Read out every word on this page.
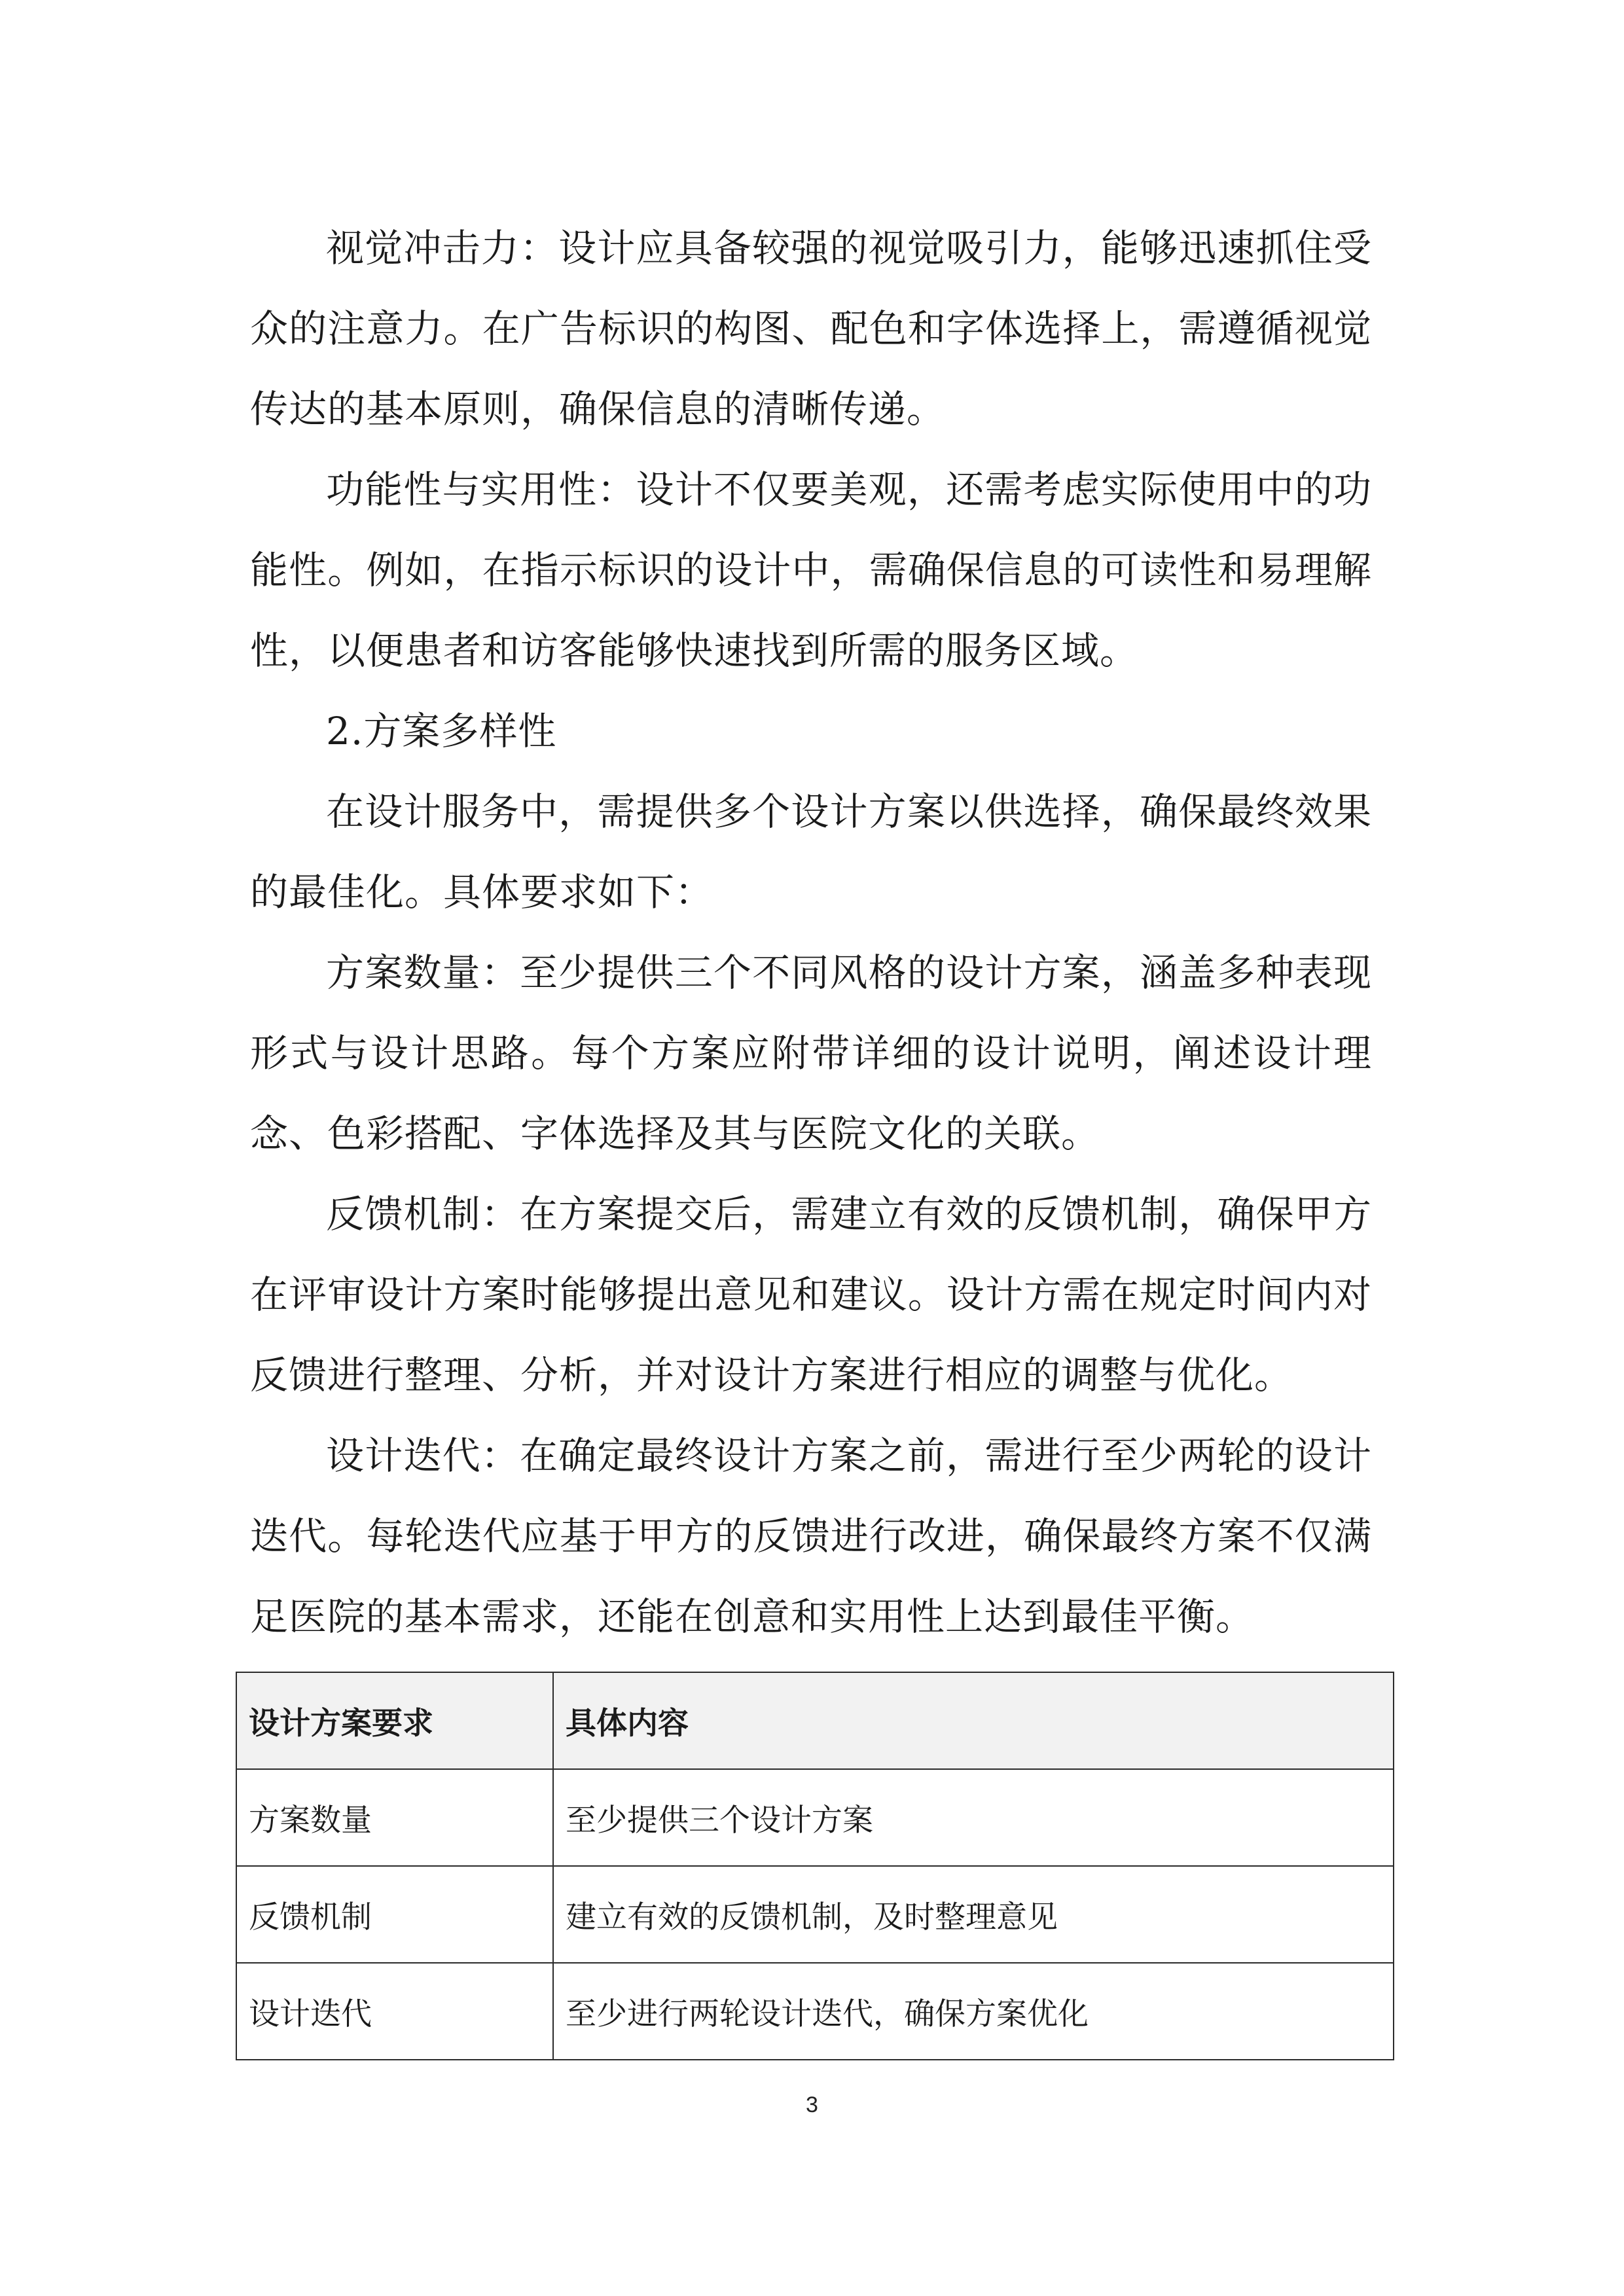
视觉冲击力：设计应具备较强的视觉吸引力，能够迅速抓住受众的注意力。在广告标识的构图、配色和字体选择上，需遵循视觉传达的基本原则，确保信息的清晰传递。

功能性与实用性：设计不仅要美观，还需考虑实际使用中的功能性。例如，在指示标识的设计中，需确保信息的可读性和易理解性，以便患者和访客能够快速找到所需的服务区域。

2.方案多样性

在设计服务中，需提供多个设计方案以供选择，确保最终效果的最佳化。具体要求如下：

方案数量：至少提供三个不同风格的设计方案，涵盖多种表现形式与设计思路。每个方案应附带详细的设计说明，阐述设计理念、色彩搭配、字体选择及其与医院文化的关联。

反馈机制：在方案提交后，需建立有效的反馈机制，确保甲方在评审设计方案时能够提出意见和建议。设计方需在规定时间内对反馈进行整理、分析，并对设计方案进行相应的调整与优化。

设计迭代：在确定最终设计方案之前，需进行至少两轮的设计迭代。每轮迭代应基于甲方的反馈进行改进，确保最终方案不仅满足医院的基本需求，还能在创意和实用性上达到最佳平衡。

设计方案要求	具体内容
方案数量	至少提供三个设计方案
反馈机制	建立有效的反馈机制，及时整理意见
设计迭代	至少进行两轮设计迭代，确保方案优化
3
